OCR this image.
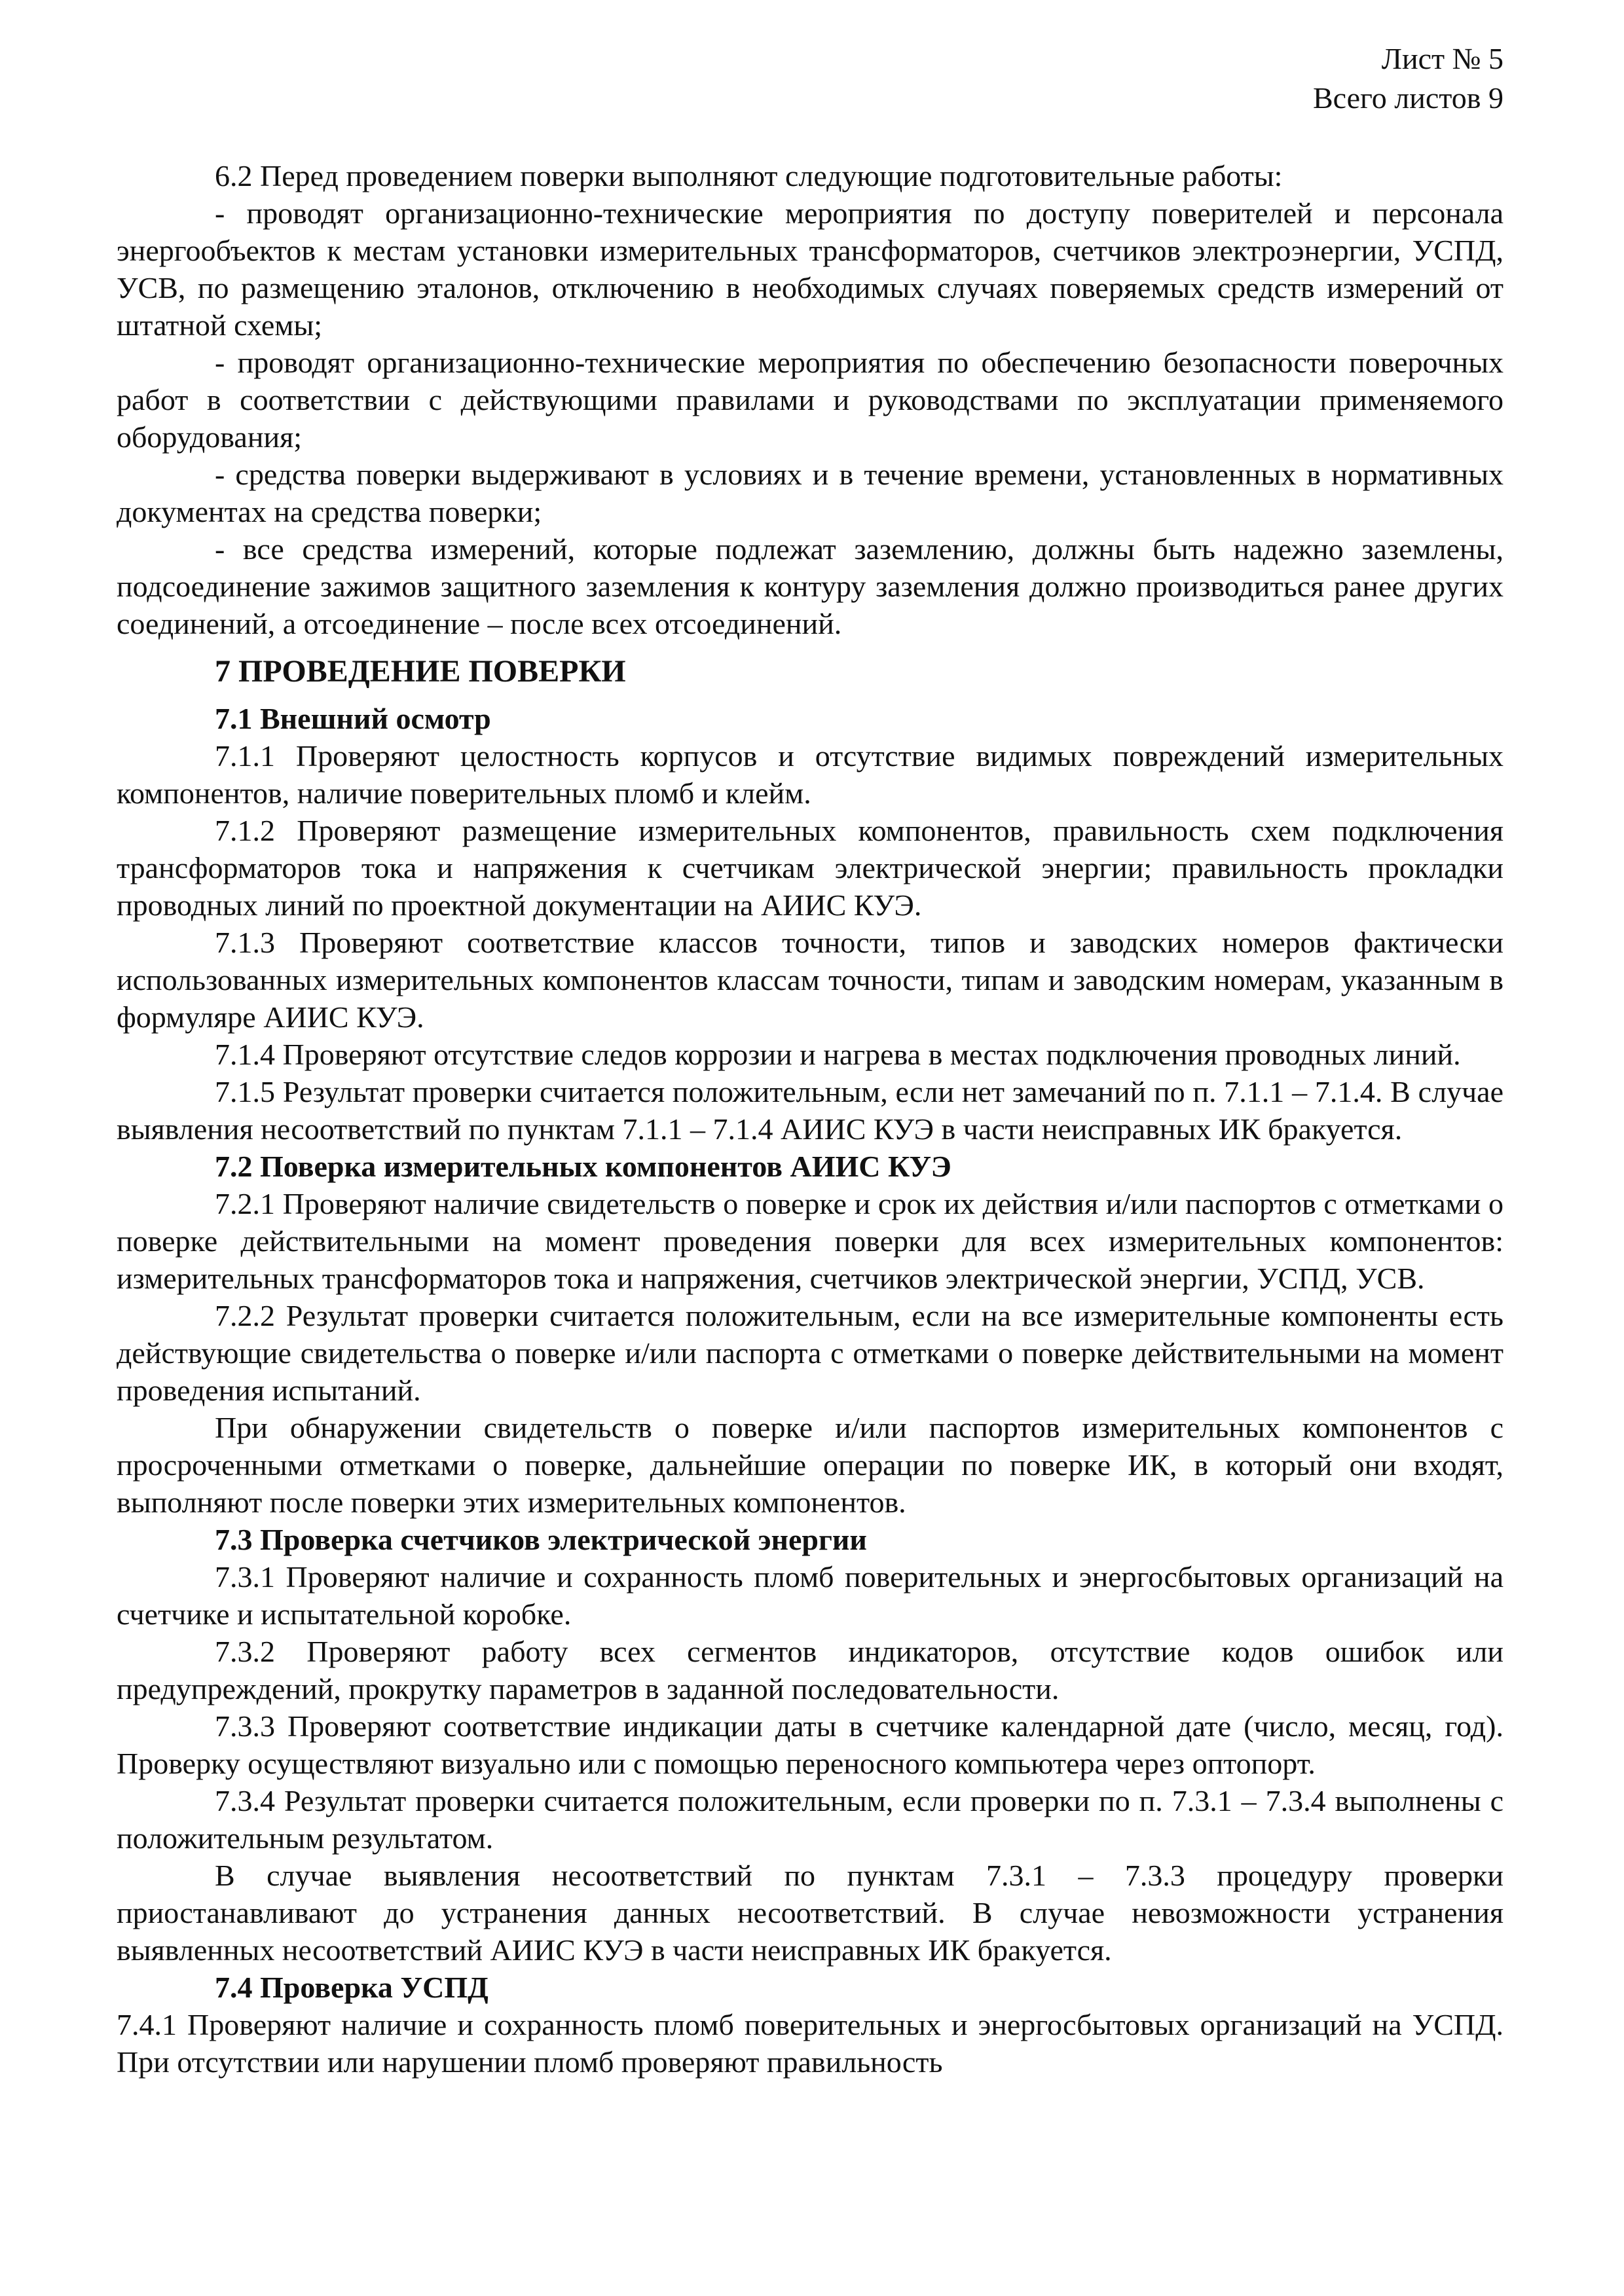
Лист № 5
Всего листов 9

6.2 Перед проведением поверки выполняют следующие подготовительные работы:

- проводят организационно-технические мероприятия по доступу поверителей и персонала энергообъектов к местам установки измерительных трансформаторов, счетчиков электроэнергии, УСПД, УСВ, по размещению эталонов, отключению в необходимых случаях поверяемых средств измерений от штатной схемы;

- проводят организационно-технические мероприятия по обеспечению безопасности поверочных работ в соответствии с действующими правилами и руководствами по эксплуатации применяемого оборудования;

- средства поверки выдерживают в условиях и в течение времени, установленных в нормативных документах на средства поверки;

- все средства измерений, которые подлежат заземлению, должны быть надежно заземлены, подсоединение зажимов защитного заземления к контуру заземления должно производиться ранее других соединений, а отсоединение – после всех отсоединений.

7 ПРОВЕДЕНИЕ ПОВЕРКИ
7.1 Внешний осмотр

7.1.1 Проверяют целостность корпусов и отсутствие видимых повреждений измерительных компонентов, наличие поверительных пломб и клейм.

7.1.2 Проверяют размещение измерительных компонентов, правильность схем подключения трансформаторов тока и напряжения к счетчикам электрической энергии; правильность прокладки проводных линий по проектной документации на АИИС КУЭ.

7.1.3 Проверяют соответствие классов точности, типов и заводских номеров фактически использованных измерительных компонентов классам точности, типам и заводским номерам, указанным в формуляре АИИС КУЭ.

7.1.4 Проверяют отсутствие следов коррозии и нагрева в местах подключения проводных линий.

7.1.5 Результат проверки считается положительным, если нет замечаний по п. 7.1.1 – 7.1.4. В случае выявления несоответствий по пунктам 7.1.1 – 7.1.4 АИИС КУЭ в части неисправных ИК бракуется.

7.2 Поверка измерительных компонентов АИИС КУЭ

7.2.1 Проверяют наличие свидетельств о поверке и срок их действия и/или паспортов с отметками о поверке действительными на момент проведения поверки для всех измерительных компонентов: измерительных трансформаторов тока и напряжения, счетчиков электрической энергии, УСПД, УСВ.

7.2.2 Результат проверки считается положительным, если на все измерительные компоненты есть действующие свидетельства о поверке и/или паспорта с отметками о поверке действительными на момент проведения испытаний.

При обнаружении свидетельств о поверке и/или паспортов измерительных компонентов с просроченными отметками о поверке, дальнейшие операции по поверке ИК, в который они входят, выполняют после поверки этих измерительных компонентов.

7.3 Проверка счетчиков электрической энергии

7.3.1 Проверяют наличие и сохранность пломб поверительных и энергосбытовых организаций на счетчике и испытательной коробке.

7.3.2 Проверяют работу всех сегментов индикаторов, отсутствие кодов ошибок или предупреждений, прокрутку параметров в заданной последовательности.

7.3.3 Проверяют соответствие индикации даты в счетчике календарной дате (число, месяц, год). Проверку осуществляют визуально или с помощью переносного компьютера через оптопорт.

7.3.4 Результат проверки считается положительным, если проверки по п. 7.3.1 – 7.3.4 выполнены с положительным результатом.

В случае выявления несоответствий по пунктам 7.3.1 – 7.3.3 процедуру проверки приостанавливают до устранения данных несоответствий. В случае невозможности устранения выявленных несоответствий АИИС КУЭ в части неисправных ИК бракуется.

7.4 Проверка УСПД

7.4.1 Проверяют наличие и сохранность пломб поверительных и энергосбытовых организаций на УСПД. При отсутствии или нарушении пломб проверяют правильность
